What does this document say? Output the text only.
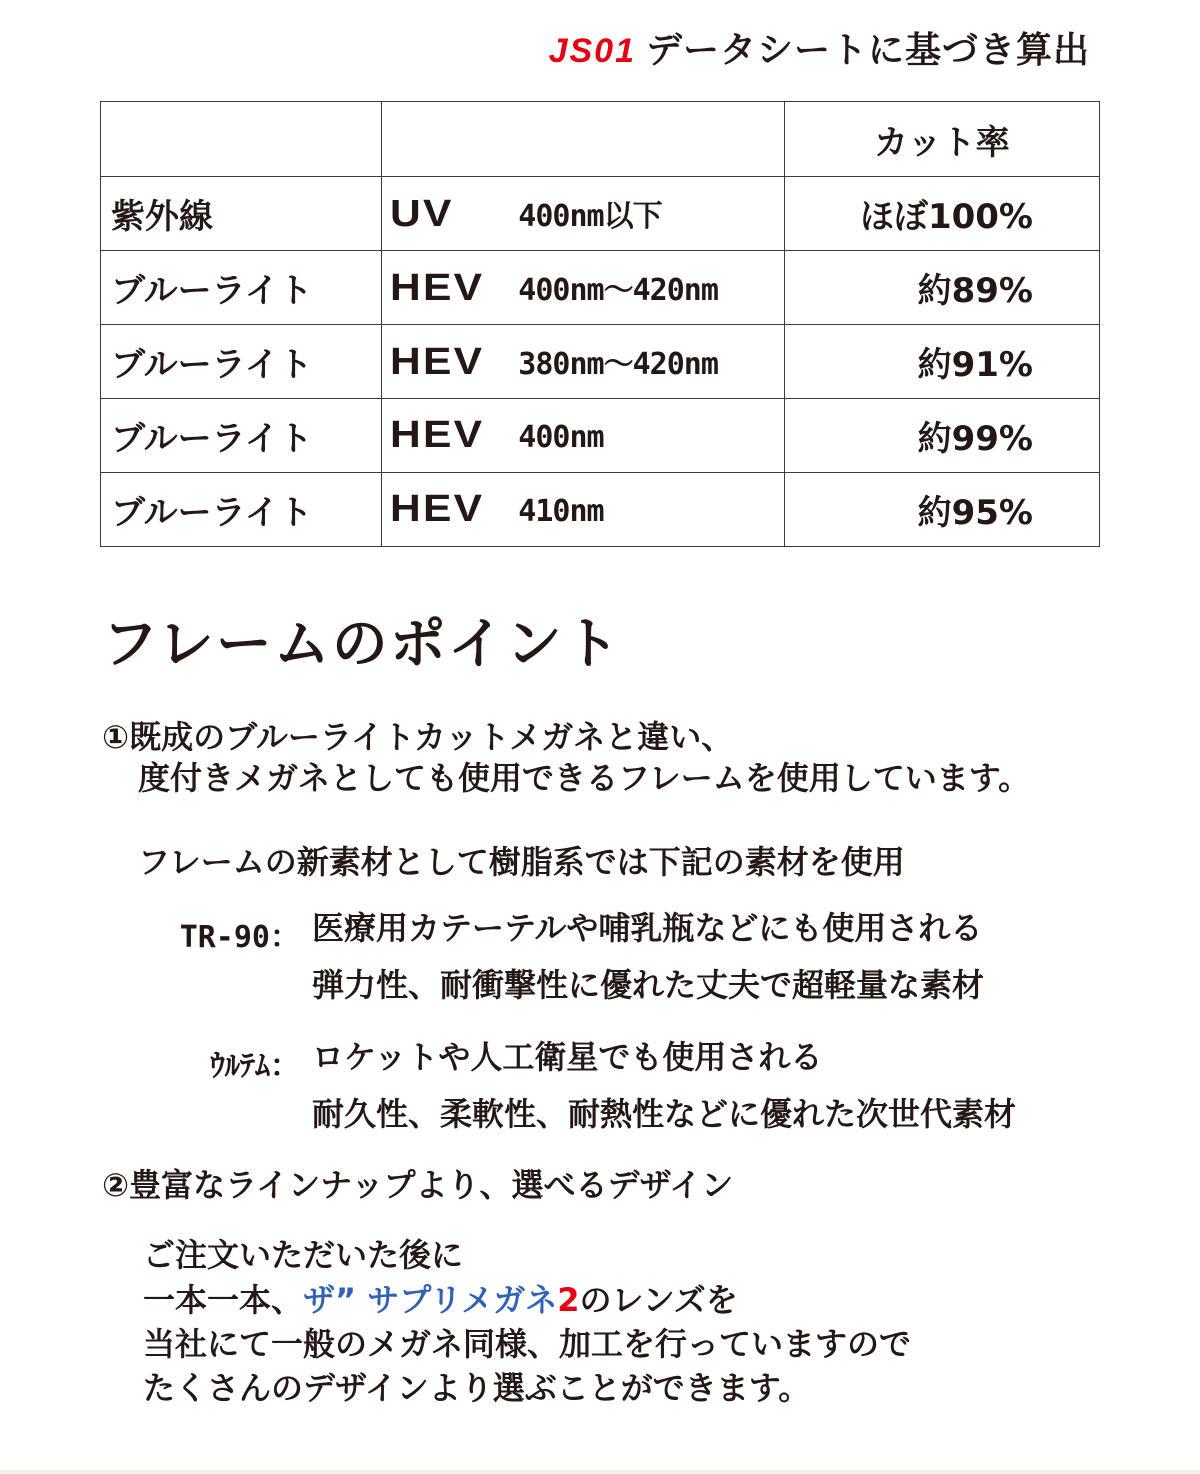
JS01 データシートに基づき算出
		カット率
紫外線	UV 400nm以下	ほぼ100%
ブルーライト	HEV 400nm～420nm	約89%
ブルーライト	HEV 380nm～420nm	約91%
ブルーライト	HEV 400nm	約99%
ブルーライト	HEV 410nm	約95%
フレームのポイント
①既成のブルーライトカットメガネと違い、
度付きメガネとしても使用できるフレームを使用しています。
フレームの新素材として樹脂系では下記の素材を使用
TR-90： 医療用カテーテルや哺乳瓶などにも使用される
弾力性、耐衝撃性に優れた丈夫で超軽量な素材
ｳﾙﾃﾑ： ロケットや人工衛星でも使用される
耐久性、柔軟性、耐熱性などに優れた次世代素材
②豊富なラインナップより、選べるデザイン
ご注文いただいた後に
一本一本、ザ” サプリメガネ2のレンズを
当社にて一般のメガネ同様、加工を行っていますので
たくさんのデザインより選ぶことができます。
